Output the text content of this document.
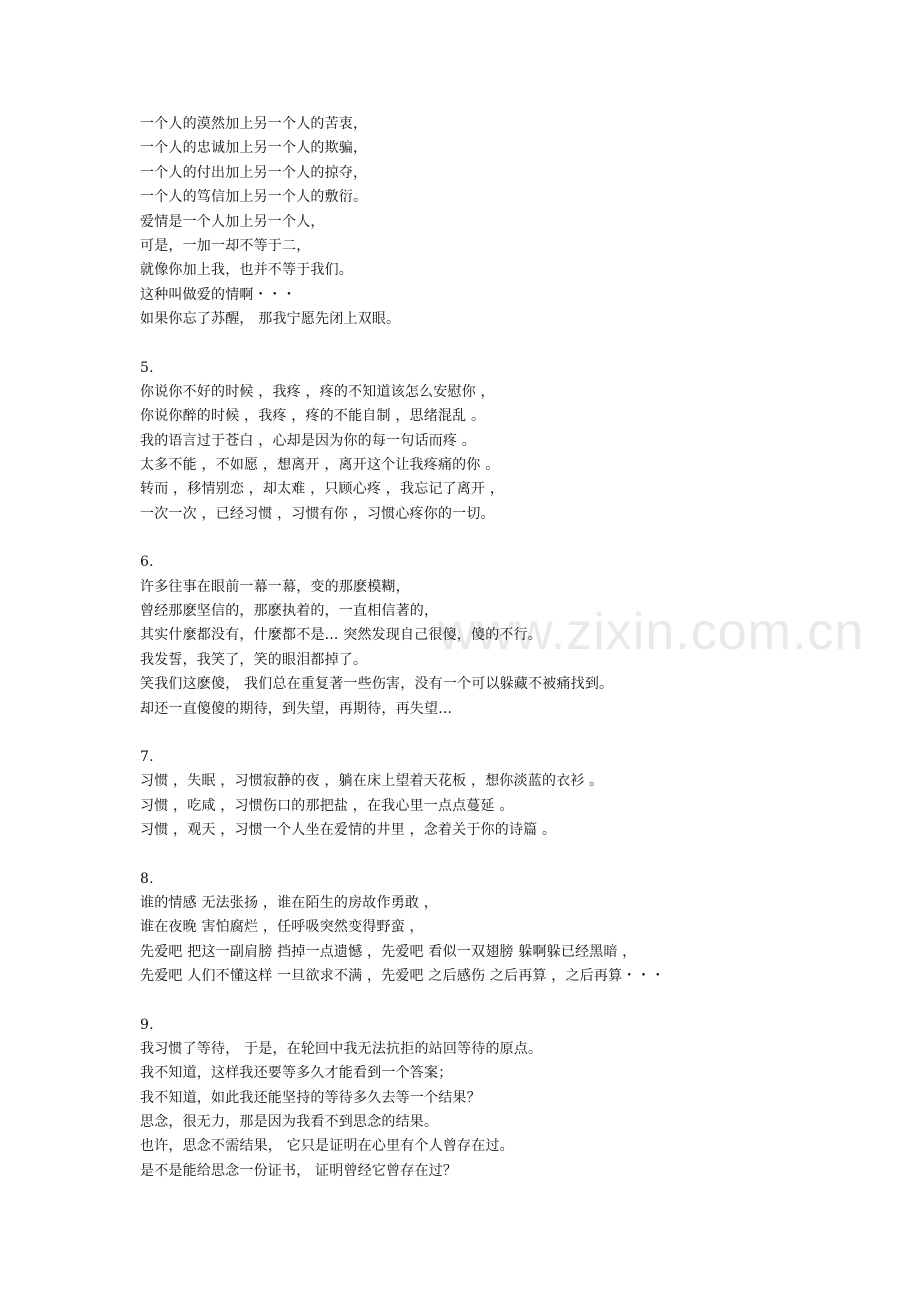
www.zixin.com.cn
一个人的漠然加上另一个人的苦衷，
一个人的忠诚加上另一个人的欺骗，
一个人的付出加上另一个人的掠夺，
一个人的笃信加上另一个人的敷衍。
爱情是一个人加上另一个人，
可是，一加一却不等于二，
就像你加上我，也并不等于我们。
这种叫做爱的情啊・・・
如果你忘了苏醒， 那我宁愿先闭上双眼。
5.
你说你不好的时候 ，我疼 ，疼的不知道该怎么安慰你 ，
你说你醉的时候 ，我疼 ，疼的不能自制 ，思绪混乱 。
我的语言过于苍白 ，心却是因为你的每一句话而疼 。
太多不能 ，不如愿 ，想离开 ，离开这个让我疼痛的你 。
转而 ，移情别恋 ，却太难 ，只顾心疼 ，我忘记了离开 ，
一次一次 ，已经习惯 ，习惯有你 ，习惯心疼你的一切。
6.
许多往事在眼前一幕一幕，变的那麽模糊，
曾经那麽坚信的，那麽执着的，一直相信著的，
其实什麼都没有，什麼都不是... 突然发现自己很傻，傻的不行。
我发誓，我笑了，笑的眼泪都掉了。
笑我们这麽傻， 我们总在重复著一些伤害，没有一个可以躲藏不被痛找到。
却还一直傻傻的期待，到失望，再期待，再失望...
7.
习惯 ，失眠 ，习惯寂静的夜 ，躺在床上望着天花板 ，想你淡蓝的衣衫 。
习惯 ，吃咸 ，习惯伤口的那把盐 ，在我心里一点点蔓延 。
习惯 ，观天 ，习惯一个人坐在爱情的井里 ，念着关于你的诗篇 。
8.
谁的情感 无法张扬 ，谁在陌生的房故作勇敢 ，
谁在夜晚 害怕腐烂 ，任呼吸突然变得野蛮 ，
先爱吧 把这一副肩膀 挡掉一点遗憾 ，先爱吧 看似一双翅膀 躲啊躲已经黑暗 ，
先爱吧 人们不懂这样 一旦欲求不满 ，先爱吧 之后感伤 之后再算 ，之后再算・・・
9.
我习惯了等待， 于是，在轮回中我无法抗拒的站回等待的原点。
我不知道，这样我还要等多久才能看到一个答案；
我不知道，如此我还能坚持的等待多久去等一个结果？
思念，很无力，那是因为我看不到思念的结果。
也许，思念不需结果， 它只是证明在心里有个人曾存在过。
是不是能给思念一份证书， 证明曾经它曾存在过？
